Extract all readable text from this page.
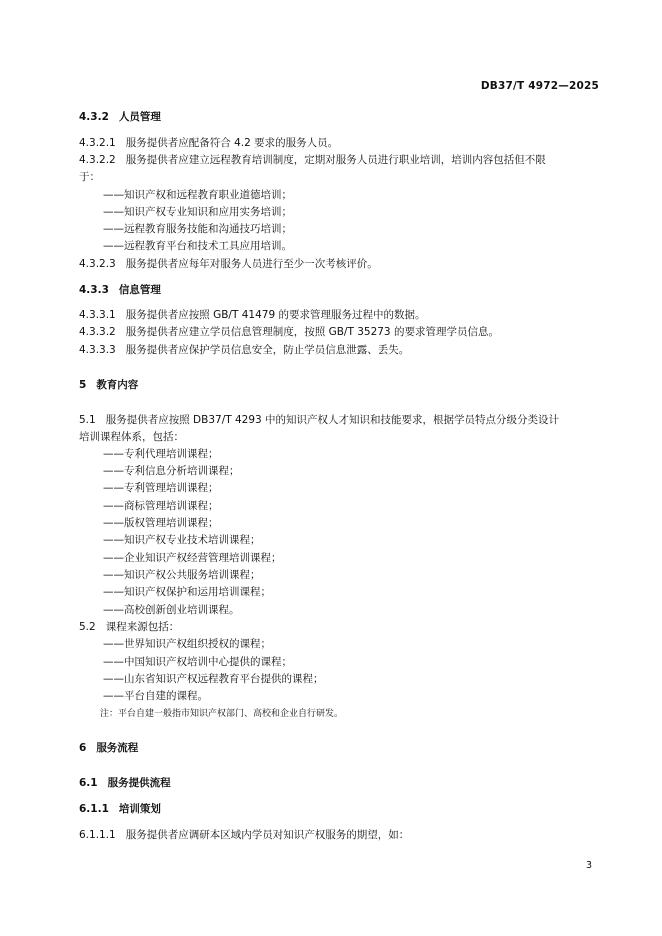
DB37/T 4972—2025
4.3.2 人员管理
4.3.2.1 服务提供者应配备符合 4.2 要求的服务人员。
4.3.2.2 服务提供者应建立远程教育培训制度，定期对服务人员进行职业培训，培训内容包括但不限
于：
——知识产权和远程教育职业道德培训；
——知识产权专业知识和应用实务培训；
——远程教育服务技能和沟通技巧培训；
——远程教育平台和技术工具应用培训。
4.3.2.3 服务提供者应每年对服务人员进行至少一次考核评价。
4.3.3 信息管理
4.3.3.1 服务提供者应按照 GB/T 41479 的要求管理服务过程中的数据。
4.3.3.2 服务提供者应建立学员信息管理制度，按照 GB/T 35273 的要求管理学员信息。
4.3.3.3 服务提供者应保护学员信息安全，防止学员信息泄露、丢失。
5 教育内容
5.1 服务提供者应按照 DB37/T 4293 中的知识产权人才知识和技能要求，根据学员特点分级分类设计
培训课程体系，包括：
——专利代理培训课程；
——专利信息分析培训课程；
——专利管理培训课程；
——商标管理培训课程；
——版权管理培训课程；
——知识产权专业技术培训课程；
——企业知识产权经营管理培训课程；
——知识产权公共服务培训课程；
——知识产权保护和运用培训课程；
——高校创新创业培训课程。
5.2 课程来源包括：
——世界知识产权组织授权的课程；
——中国知识产权培训中心提供的课程；
——山东省知识产权远程教育平台提供的课程；
——平台自建的课程。
注：平台自建一般指市知识产权部门、高校和企业自行研发。
6 服务流程
6.1 服务提供流程
6.1.1 培训策划
6.1.1.1 服务提供者应调研本区域内学员对知识产权服务的期望，如：
3
